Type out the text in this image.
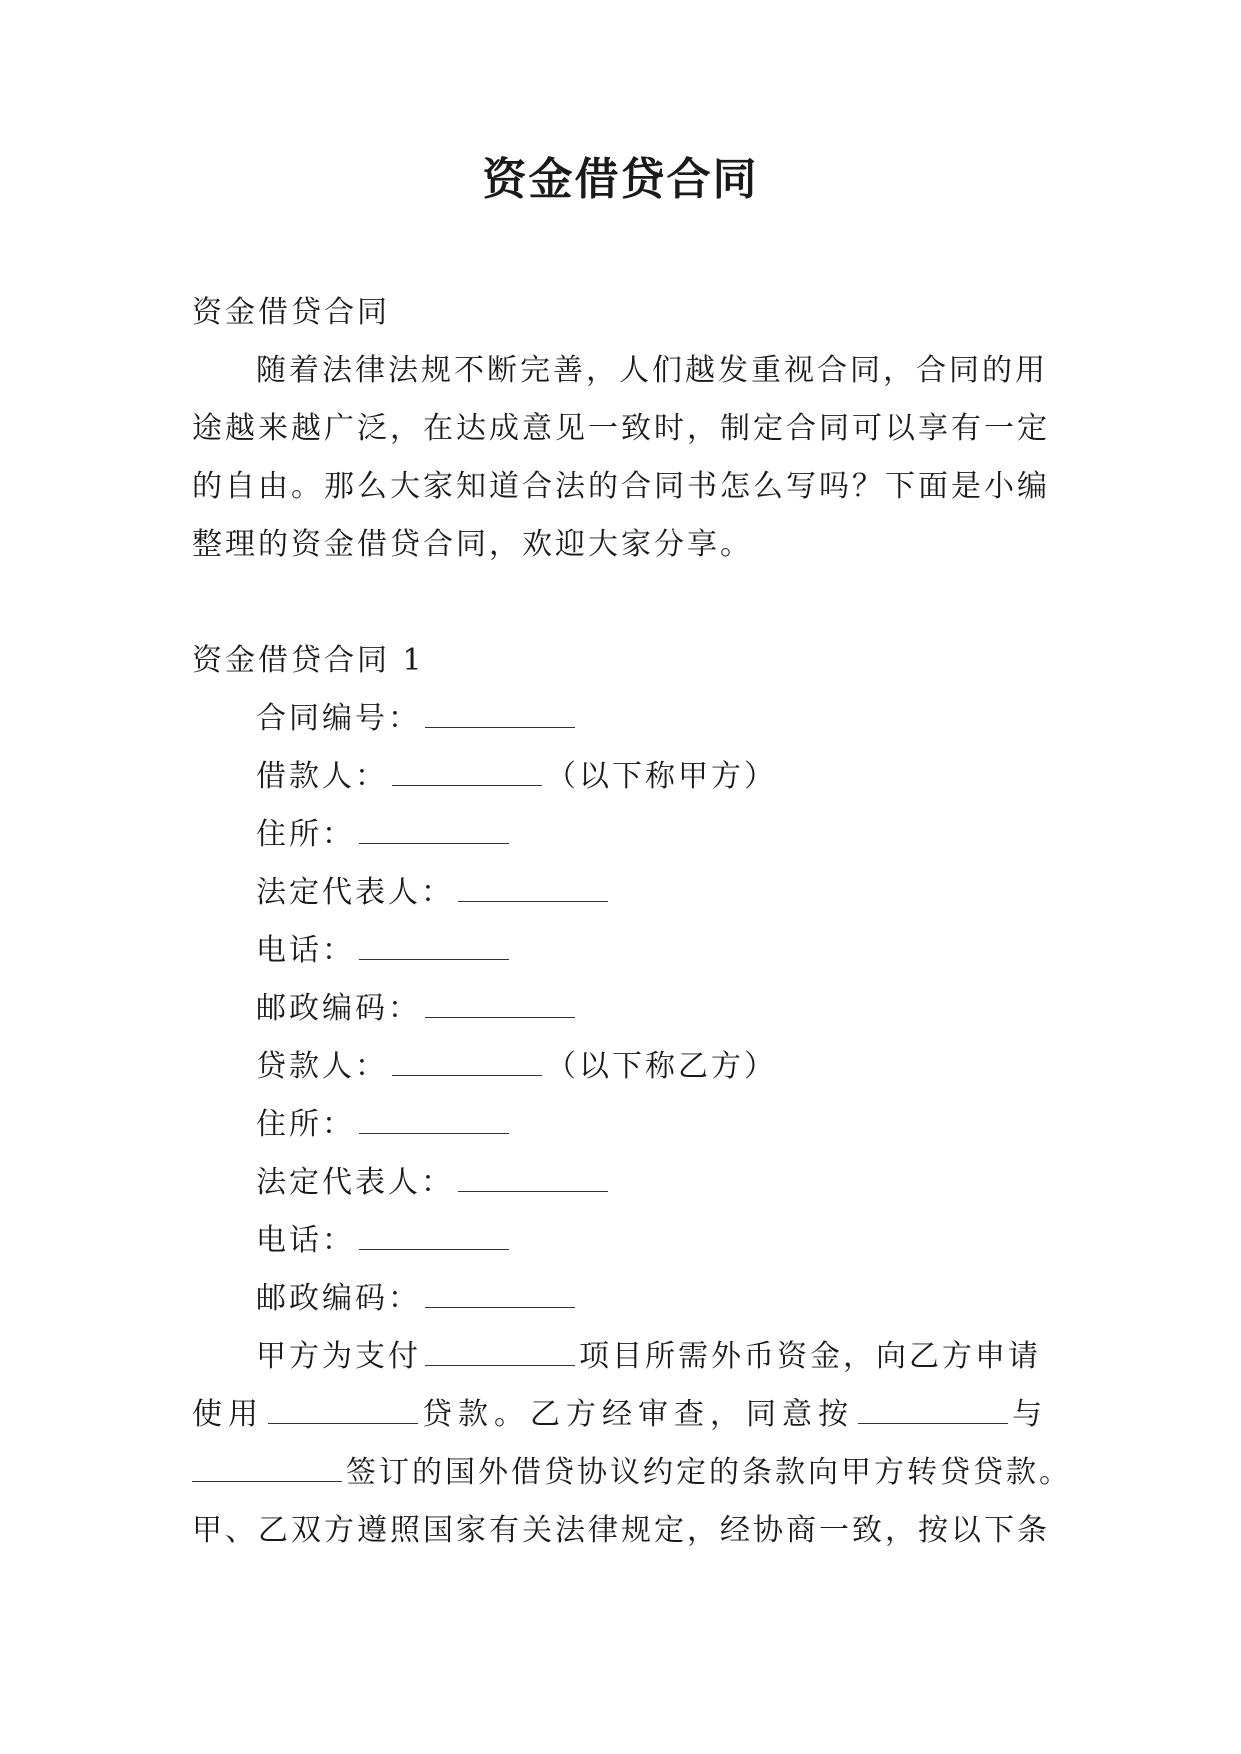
资金借贷合同
资金借贷合同
随着法律法规不断完善，人们越发重视合同，合同的用
途越来越广泛，在达成意见一致时，制定合同可以享有一定
的自由。那么大家知道合法的合同书怎么写吗？下面是小编
整理的资金借贷合同，欢迎大家分享。
资金借贷合同 1
合同编号：
借款人：	（以下称甲方）
住所：
法定代表人：
电话：
邮政编码：
贷款人：	（以下称乙方）
住所：
法定代表人：
电话：
邮政编码：
甲方为支付	项目所需外币资金，向乙方申请
使用	贷款。乙方经审查，同意按	与
签订的国外借贷协议约定的条款向甲方转贷贷款。
甲、乙双方遵照国家有关法律规定，经协商一致，按以下条
